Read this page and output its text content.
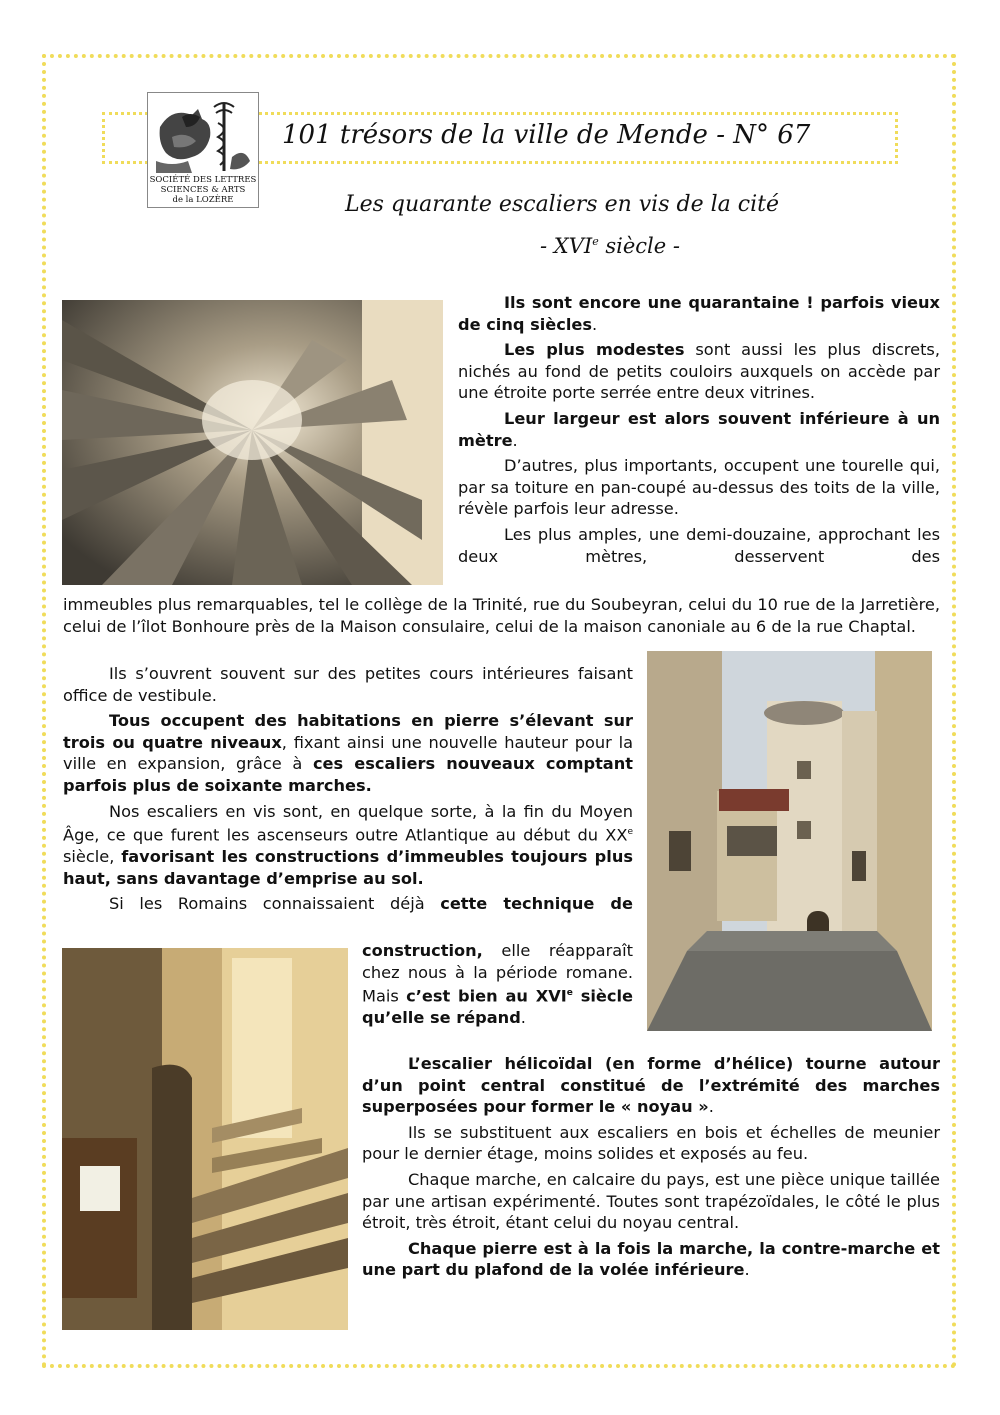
101 trésors de la ville de Mende - N° 67
SOCIÉTÉ DES LETTRES
SCIENCES & ARTS
de la LOZÈRE	Les quarante escaliers en vis de la cité
- XVIe siècle -

Ils sont encore une quarantaine ! parfois vieux de cinq siècles.

Les plus modestes sont aussi les plus discrets, nichés au fond de petits couloirs auxquels on accède par une étroite porte serrée entre deux vitrines.

Leur largeur est alors souvent inférieure à un mètre.

D’autres, plus importants, occupent une tourelle qui, par sa toiture en pan-coupé au-dessus des toits de la ville, révèle parfois leur adresse.

Les plus amples, une demi-douzaine, approchant les deux mètres, desservent des

immeubles plus remarquables, tel le collège de la Trinité, rue du Soubeyran, celui du 10 rue de la Jarretière, celui de l’îlot Bonhoure près de la Maison consulaire, celui de la maison canoniale au 6 de la rue Chaptal.

Ils s’ouvrent souvent sur des petites cours intérieures faisant office de vestibule.

Tous occupent des habitations en pierre s’élevant sur trois ou quatre niveaux, fixant ainsi une nouvelle hauteur pour la ville en expansion, grâce à ces escaliers nouveaux comptant parfois plus de soixante marches.

Nos escaliers en vis sont, en quelque sorte, à la fin du Moyen Âge, ce que furent les ascenseurs outre Atlantique au début du XXe siècle, favorisant les constructions d’immeubles toujours plus haut, sans davantage d’emprise au sol.

Si les Romains connaissaient déjà cette technique de

construction, elle réapparaît chez nous à la période romane. Mais c’est bien au XVIe siècle qu’elle se répand.

L’escalier hélicoïdal (en forme d’hélice) tourne autour d’un point central constitué de l’extrémité des marches superposées pour former le « noyau ».

Ils se substituent aux escaliers en bois et échelles de meunier pour le dernier étage, moins solides et exposés au feu.

Chaque marche, en calcaire du pays, est une pièce unique taillée par une artisan expérimenté. Toutes sont trapézoïdales, le côté le plus étroit, très étroit, étant celui du noyau central.

Chaque pierre est à la fois la marche, la contre-marche et une part du plafond de la volée inférieure.
